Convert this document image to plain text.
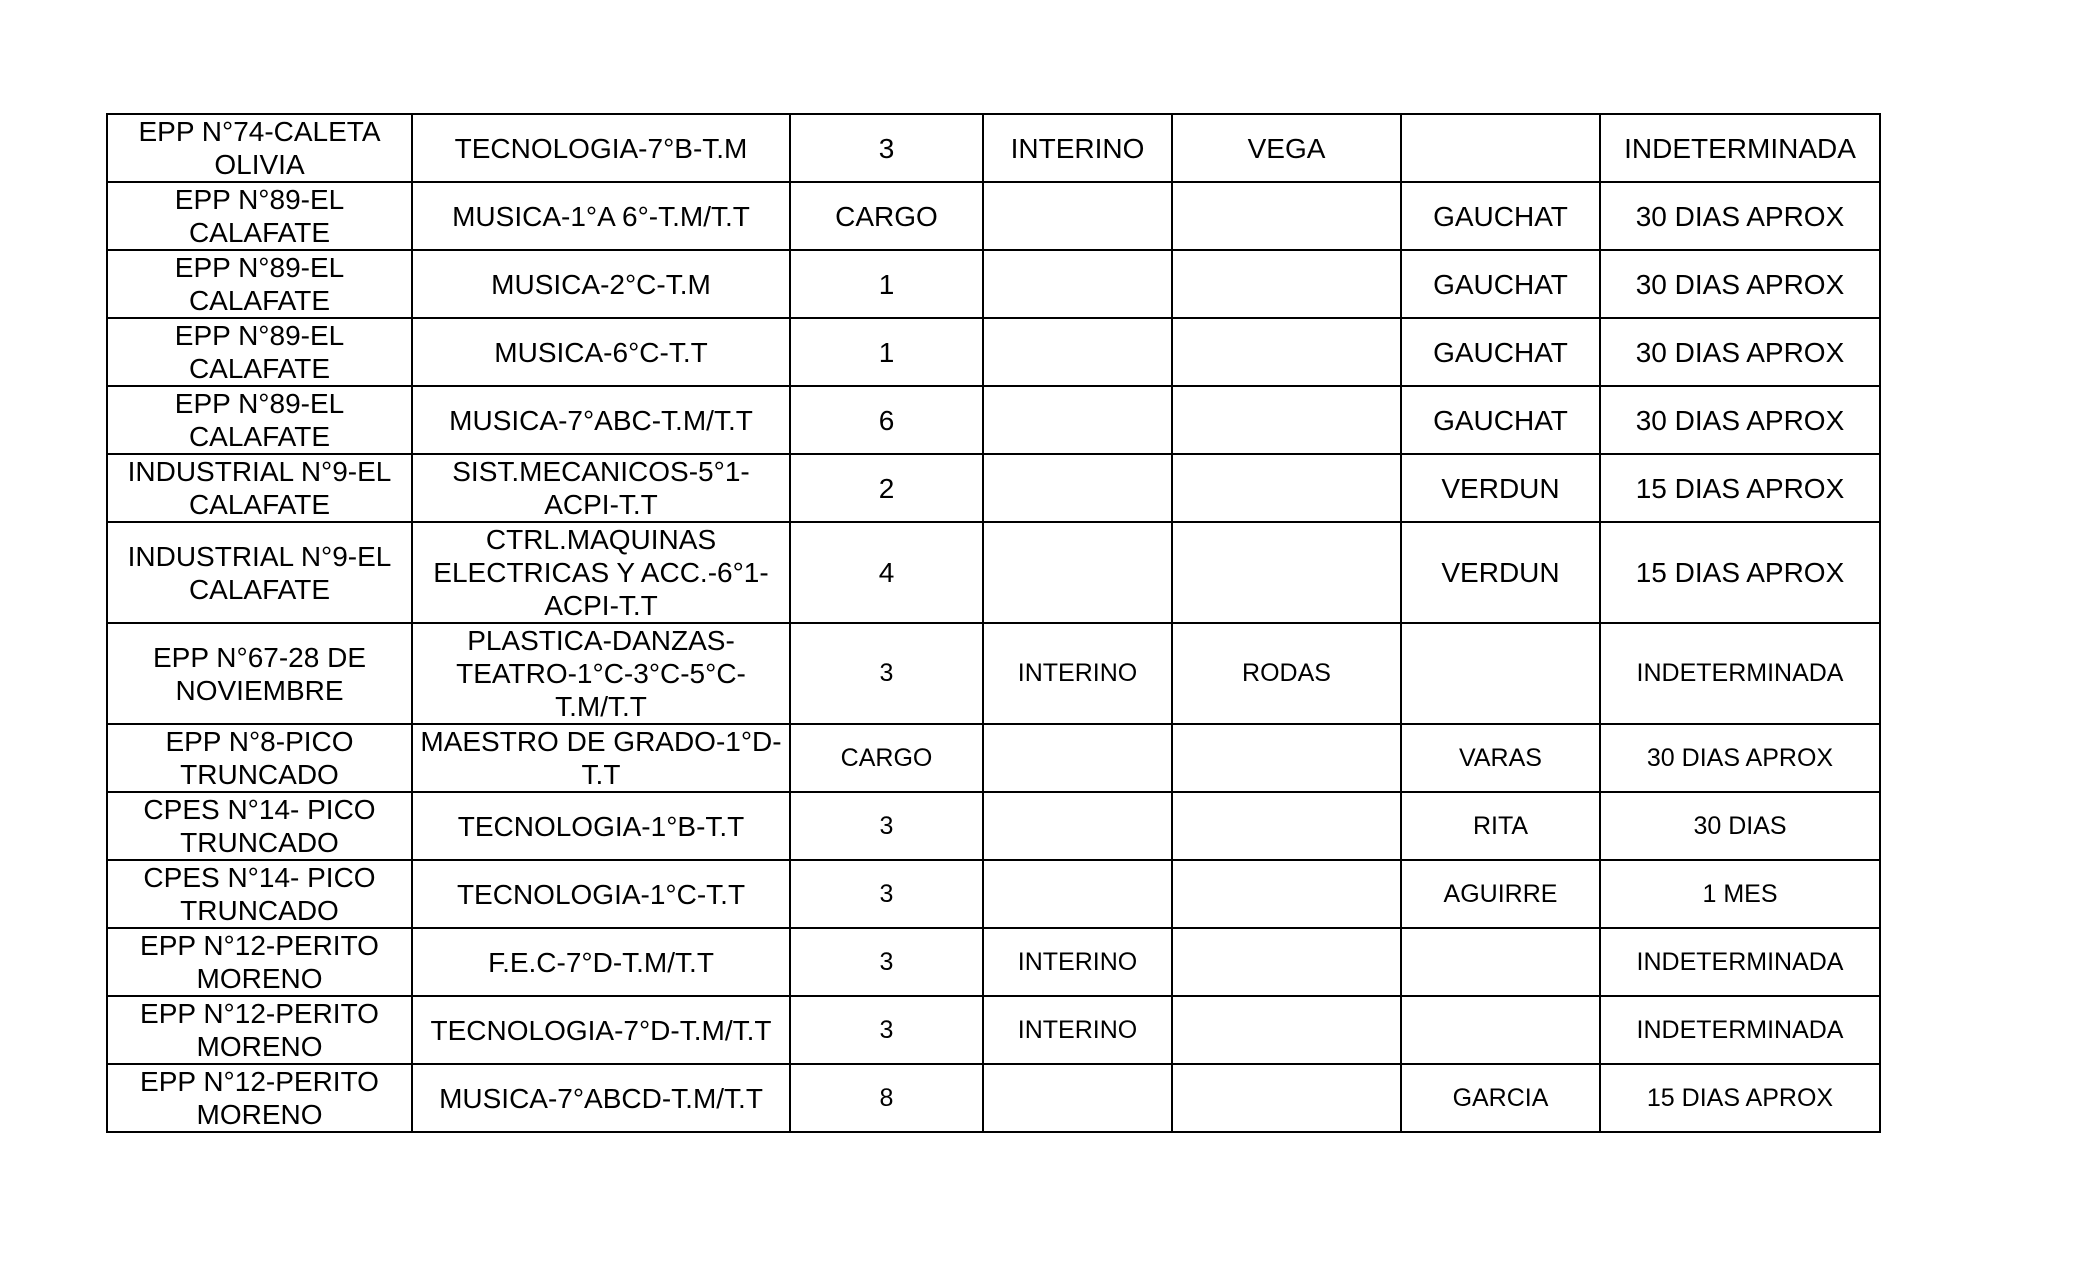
EPP N°74-CALETA OLIVIA	TECNOLOGIA-7°B-T.M	3	INTERINO	VEGA		INDETERMINADA
EPP N°89-EL CALAFATE	MUSICA-1°A 6°-T.M/T.T	CARGO			GAUCHAT	30 DIAS APROX
EPP N°89-EL CALAFATE	MUSICA-2°C-T.M	1			GAUCHAT	30 DIAS APROX
EPP N°89-EL CALAFATE	MUSICA-6°C-T.T	1			GAUCHAT	30 DIAS APROX
EPP N°89-EL CALAFATE	MUSICA-7°ABC-T.M/T.T	6			GAUCHAT	30 DIAS APROX
INDUSTRIAL N°9-EL CALAFATE	SIST.MECANICOS-5°1-ACPI-T.T	2			VERDUN	15 DIAS APROX
INDUSTRIAL N°9-EL CALAFATE	CTRL.MAQUINAS ELECTRICAS Y ACC.-6°1-ACPI-T.T	4			VERDUN	15 DIAS APROX
EPP N°67-28 DE NOVIEMBRE	PLASTICA-DANZAS-TEATRO-1°C-3°C-5°C-T.M/T.T	3	INTERINO	RODAS		INDETERMINADA
EPP N°8-PICO TRUNCADO	MAESTRO DE GRADO-1°D-T.T	CARGO			VARAS	30 DIAS APROX
CPES N°14- PICO TRUNCADO	TECNOLOGIA-1°B-T.T	3			RITA	30 DIAS
CPES N°14- PICO TRUNCADO	TECNOLOGIA-1°C-T.T	3			AGUIRRE	1 MES
EPP N°12-PERITO MORENO	F.E.C-7°D-T.M/T.T	3	INTERINO			INDETERMINADA
EPP N°12-PERITO MORENO	TECNOLOGIA-7°D-T.M/T.T	3	INTERINO			INDETERMINADA
EPP N°12-PERITO MORENO	MUSICA-7°ABCD-T.M/T.T	8			GARCIA	15 DIAS APROX
